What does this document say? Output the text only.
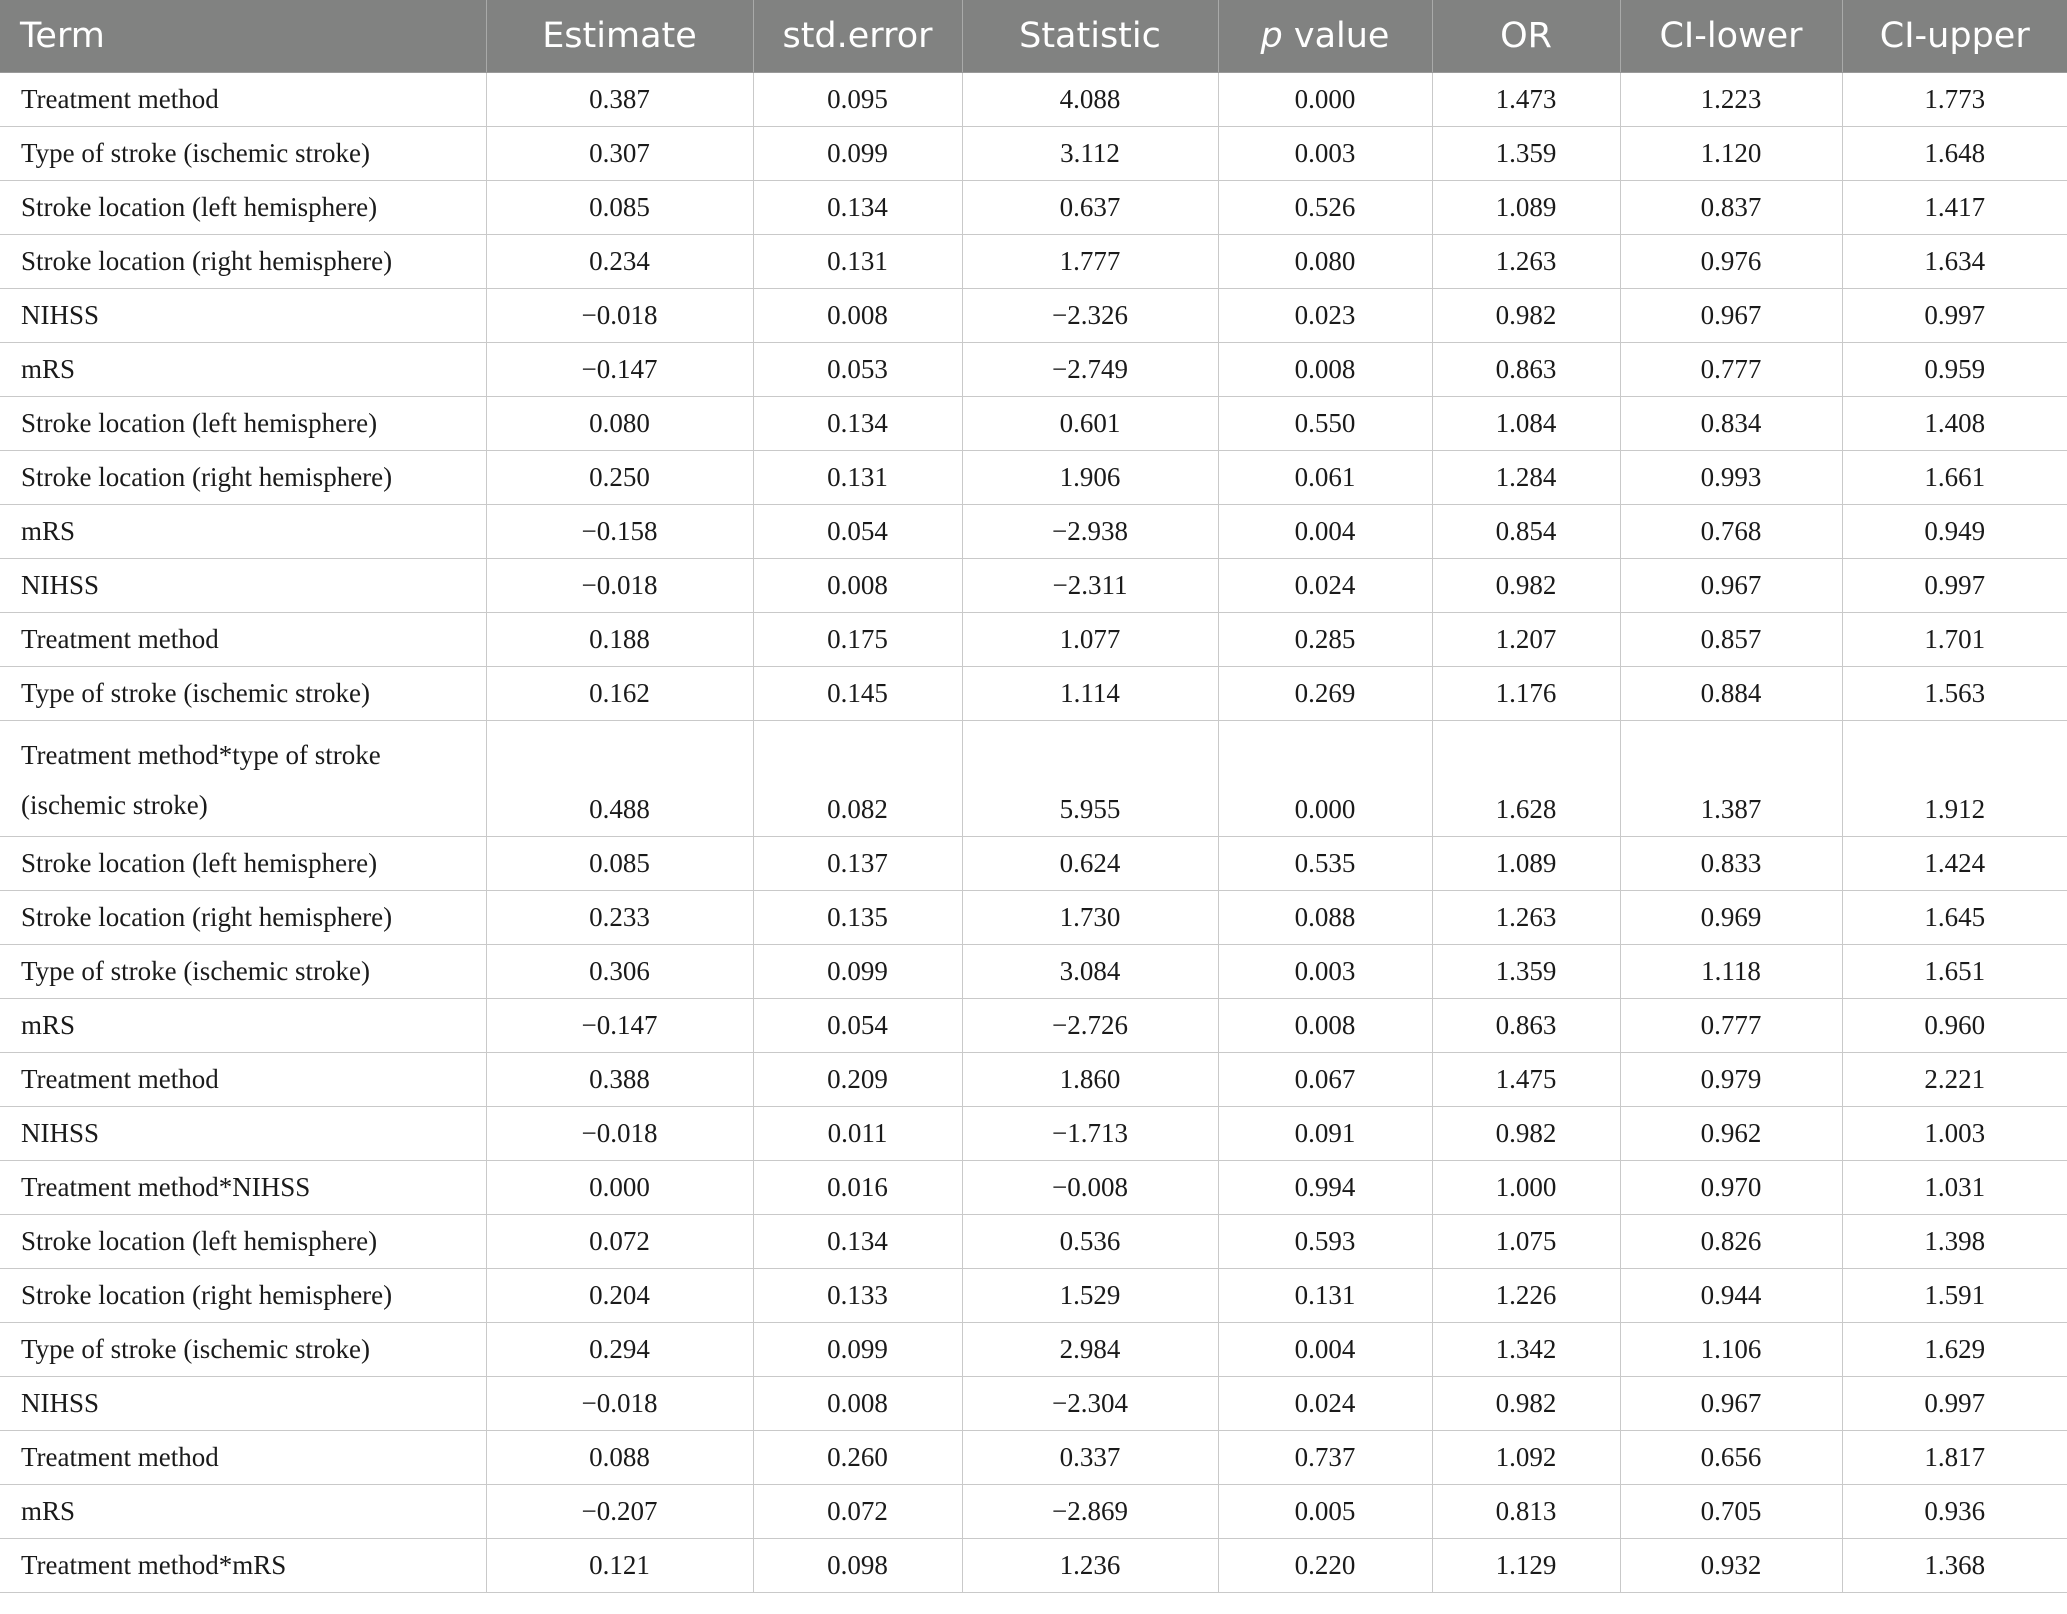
Term	Estimate	std.error	Statistic	p value	OR	CI-lower	CI-upper
Treatment method	0.387	0.095	4.088	0.000	1.473	1.223	1.773
Type of stroke (ischemic stroke)	0.307	0.099	3.112	0.003	1.359	1.120	1.648
Stroke location (left hemisphere)	0.085	0.134	0.637	0.526	1.089	0.837	1.417
Stroke location (right hemisphere)	0.234	0.131	1.777	0.080	1.263	0.976	1.634
NIHSS	−0.018	0.008	−2.326	0.023	0.982	0.967	0.997
mRS	−0.147	0.053	−2.749	0.008	0.863	0.777	0.959
Stroke location (left hemisphere)	0.080	0.134	0.601	0.550	1.084	0.834	1.408
Stroke location (right hemisphere)	0.250	0.131	1.906	0.061	1.284	0.993	1.661
mRS	−0.158	0.054	−2.938	0.004	0.854	0.768	0.949
NIHSS	−0.018	0.008	−2.311	0.024	0.982	0.967	0.997
Treatment method	0.188	0.175	1.077	0.285	1.207	0.857	1.701
Type of stroke (ischemic stroke)	0.162	0.145	1.114	0.269	1.176	0.884	1.563
Treatment method*type of stroke (ischemic stroke)	0.488	0.082	5.955	0.000	1.628	1.387	1.912
Stroke location (left hemisphere)	0.085	0.137	0.624	0.535	1.089	0.833	1.424
Stroke location (right hemisphere)	0.233	0.135	1.730	0.088	1.263	0.969	1.645
Type of stroke (ischemic stroke)	0.306	0.099	3.084	0.003	1.359	1.118	1.651
mRS	−0.147	0.054	−2.726	0.008	0.863	0.777	0.960
Treatment method	0.388	0.209	1.860	0.067	1.475	0.979	2.221
NIHSS	−0.018	0.011	−1.713	0.091	0.982	0.962	1.003
Treatment method*NIHSS	0.000	0.016	−0.008	0.994	1.000	0.970	1.031
Stroke location (left hemisphere)	0.072	0.134	0.536	0.593	1.075	0.826	1.398
Stroke location (right hemisphere)	0.204	0.133	1.529	0.131	1.226	0.944	1.591
Type of stroke (ischemic stroke)	0.294	0.099	2.984	0.004	1.342	1.106	1.629
NIHSS	−0.018	0.008	−2.304	0.024	0.982	0.967	0.997
Treatment method	0.088	0.260	0.337	0.737	1.092	0.656	1.817
mRS	−0.207	0.072	−2.869	0.005	0.813	0.705	0.936
Treatment method*mRS	0.121	0.098	1.236	0.220	1.129	0.932	1.368
